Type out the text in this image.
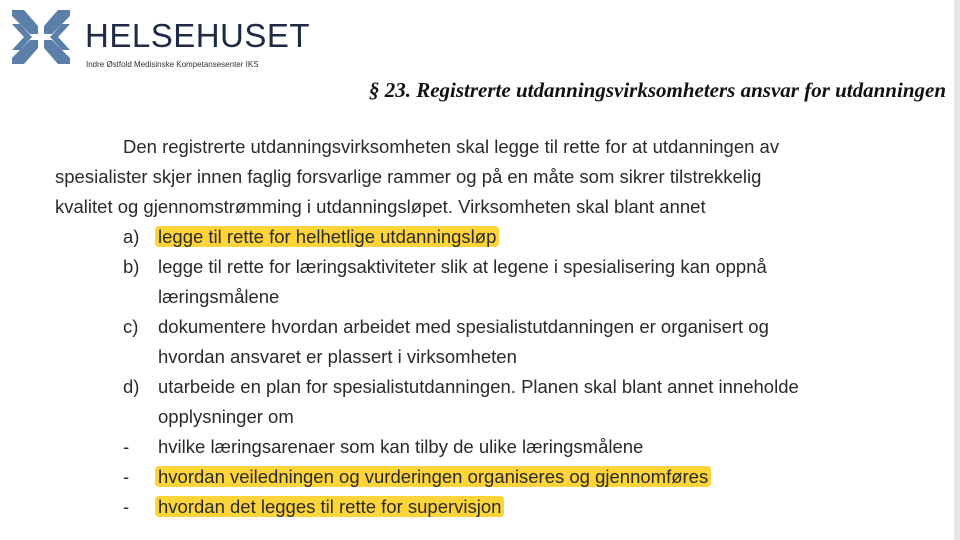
HELSEHUSET
Indre Østfold Medisinske Kompetansesenter IKS
§ 23. Registrerte utdanningsvirksomheters ansvar for utdanningen
Den registrerte utdanningsvirksomheten skal legge til rette for at utdanningen av
spesialister skjer innen faglig forsvarlige rammer og på en måte som sikrer tilstrekkelig
kvalitet og gjennomstrømming i utdanningsløpet. Virksomheten skal blant annet
a) legge til rette for helhetlige utdanningsløp
b) legge til rette for læringsaktiviteter slik at legene i spesialisering kan oppnå
læringsmålene
c) dokumentere hvordan arbeidet med spesialistutdanningen er organisert og
hvordan ansvaret er plassert i virksomheten
d) utarbeide en plan for spesialistutdanningen. Planen skal blant annet inneholde
opplysninger om
- hvilke læringsarenaer som kan tilby de ulike læringsmålene
- hvordan veiledningen og vurderingen organiseres og gjennomføres
- hvordan det legges til rette for supervisjon
